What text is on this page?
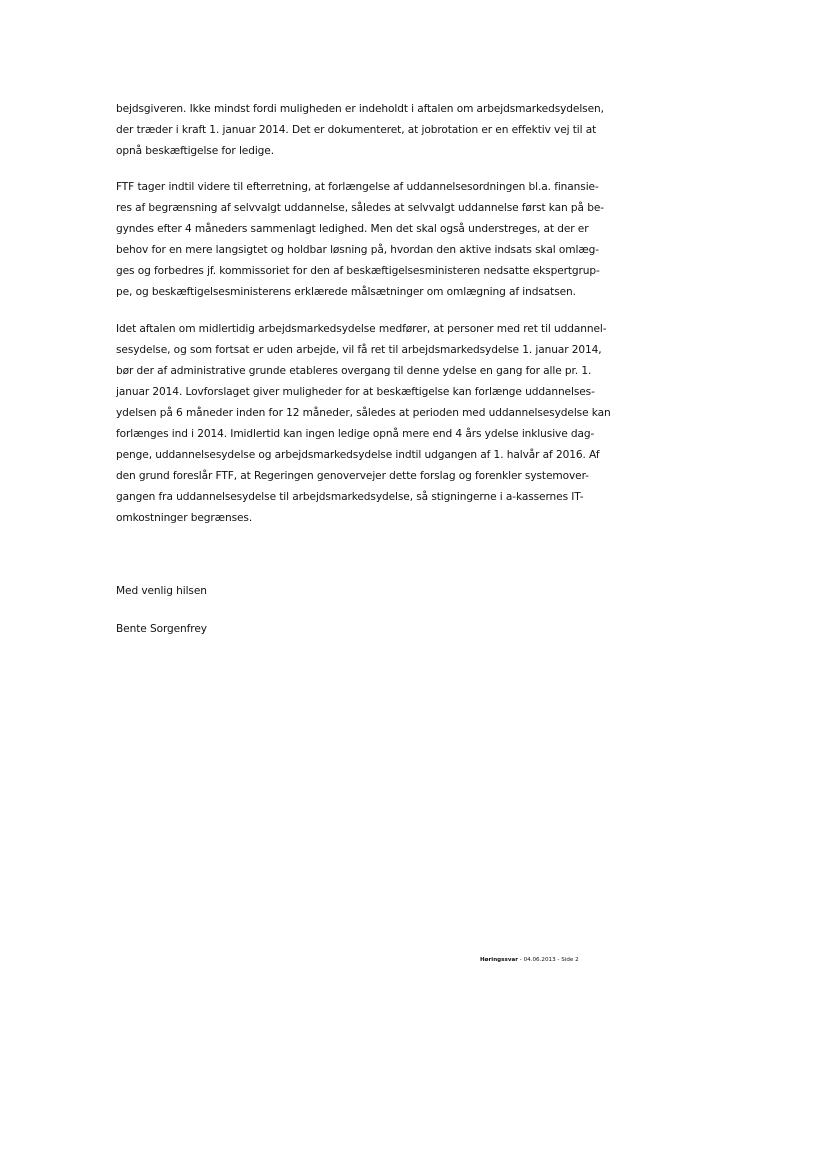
bejdsgiveren. Ikke mindst fordi muligheden er indeholdt i aftalen om arbejdsmarkedsydelsen,
der træder i kraft 1. januar 2014. Det er dokumenteret, at jobrotation er en effektiv vej til at
opnå beskæftigelse for ledige.
FTF tager indtil videre til efterretning, at forlængelse af uddannelsesordningen bl.a. finansie-
res af begrænsning af selvvalgt uddannelse, således at selvvalgt uddannelse først kan på be-
gyndes efter 4 måneders sammenlagt ledighed. Men det skal også understreges, at der er
behov for en mere langsigtet og holdbar løsning på, hvordan den aktive indsats skal omlæg-
ges og forbedres jf. kommissoriet for den af beskæftigelsesministeren nedsatte ekspertgrup-
pe, og beskæftigelsesministerens erklærede målsætninger om omlægning af indsatsen.
Idet aftalen om midlertidig arbejdsmarkedsydelse medfører, at personer med ret til uddannel-
sesydelse, og som fortsat er uden arbejde, vil få ret til arbejdsmarkedsydelse 1. januar 2014,
bør der af administrative grunde etableres overgang til denne ydelse en gang for alle pr. 1.
januar 2014. Lovforslaget giver muligheder for at beskæftigelse kan forlænge uddannelses-
ydelsen på 6 måneder inden for 12 måneder, således at perioden med uddannelsesydelse kan
forlænges ind i 2014. Imidlertid kan ingen ledige opnå mere end 4 års ydelse inklusive dag-
penge, uddannelsesydelse og arbejdsmarkedsydelse indtil udgangen af 1. halvår af 2016. Af
den grund foreslår FTF, at Regeringen genovervejer dette forslag og forenkler systemover-
gangen fra uddannelsesydelse til arbejdsmarkedsydelse, så stigningerne i a-kassernes IT-
omkostninger begrænses.
Med venlig hilsen
Bente Sorgenfrey
Høringssvar - 04.06.2013 - Side 2
